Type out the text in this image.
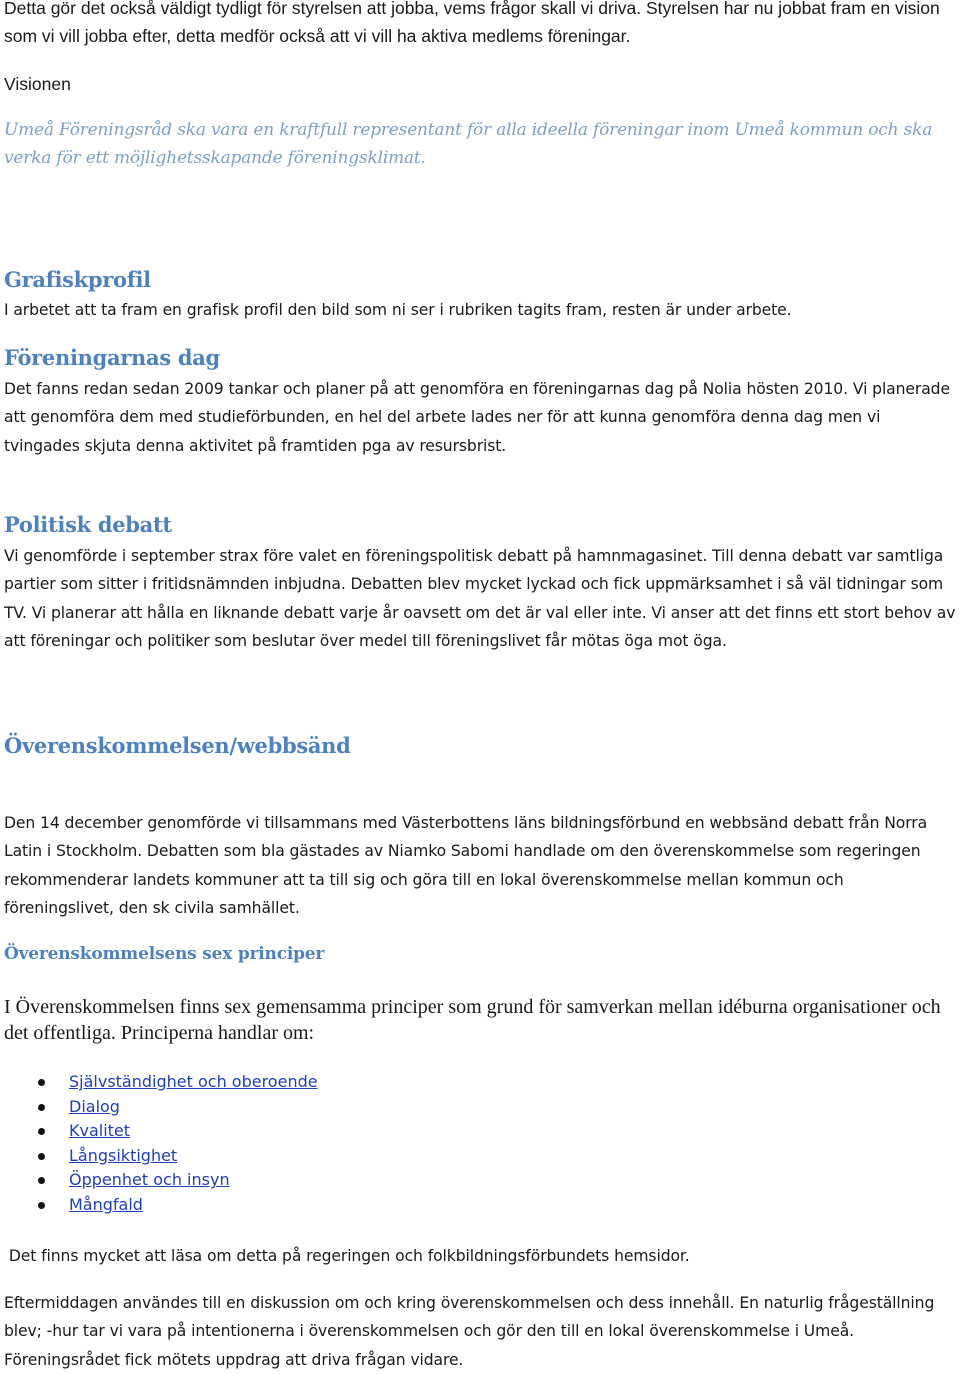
Detta gör det också väldigt tydligt för styrelsen att jobba, vems frågor skall vi driva. Styrelsen har nu jobbat fram en vision som vi vill jobba efter, detta medför också att vi vill ha aktiva medlems föreningar.

Visionen

Umeå Föreningsråd ska vara en kraftfull representant för alla ideella föreningar inom Umeå kommun och ska verka för ett möjlighetsskapande föreningsklimat.

Grafiskprofil

I arbetet att ta fram en grafisk profil den bild som ni ser i rubriken tagits fram, resten är under arbete.

Föreningarnas dag

Det fanns redan sedan 2009 tankar och planer på att genomföra en föreningarnas dag på Nolia hösten 2010. Vi planerade att genomföra dem med studieförbunden, en hel del arbete lades ner för att kunna genomföra denna dag men vi tvingades skjuta denna aktivitet på framtiden pga av resursbrist.

Politisk debatt

Vi genomförde i september strax före valet en föreningspolitisk debatt på hamnmagasinet. Till denna debatt var samtliga partier som sitter i fritidsnämnden inbjudna. Debatten blev mycket lyckad och fick uppmärksamhet i så väl tidningar som TV. Vi planerar att hålla en liknande debatt varje år oavsett om det är val eller inte. Vi anser att det finns ett stort behov av att föreningar och politiker som beslutar över medel till föreningslivet får mötas öga mot öga.

Överenskommelsen/webbsänd

Den 14 december genomförde vi tillsammans med Västerbottens läns bildningsförbund en webbsänd debatt från Norra Latin i Stockholm. Debatten som bla gästades av Niamko Sabomi handlade om den överenskommelse som regeringen rekommenderar landets kommuner att ta till sig och göra till en lokal överenskommelse mellan kommun och föreningslivet, den sk civila samhället.

Överenskommelsens sex principer

I Överenskommelsen finns sex gemensamma principer som grund för samverkan mellan idéburna organisationer och det offentliga. Principerna handlar om:

Självständighet och oberoende
Dialog
Kvalitet
Långsiktighet
Öppenhet och insyn
Mångfald

Det finns mycket att läsa om detta på regeringen och folkbildningsförbundets hemsidor.

Eftermiddagen användes till en diskussion om och kring överenskommelsen och dess innehåll. En naturlig frågeställning blev; -hur tar vi vara på intentionerna i överenskommelsen och gör den till en lokal överenskommelse i Umeå. Föreningsrådet fick mötets uppdrag att driva frågan vidare.
